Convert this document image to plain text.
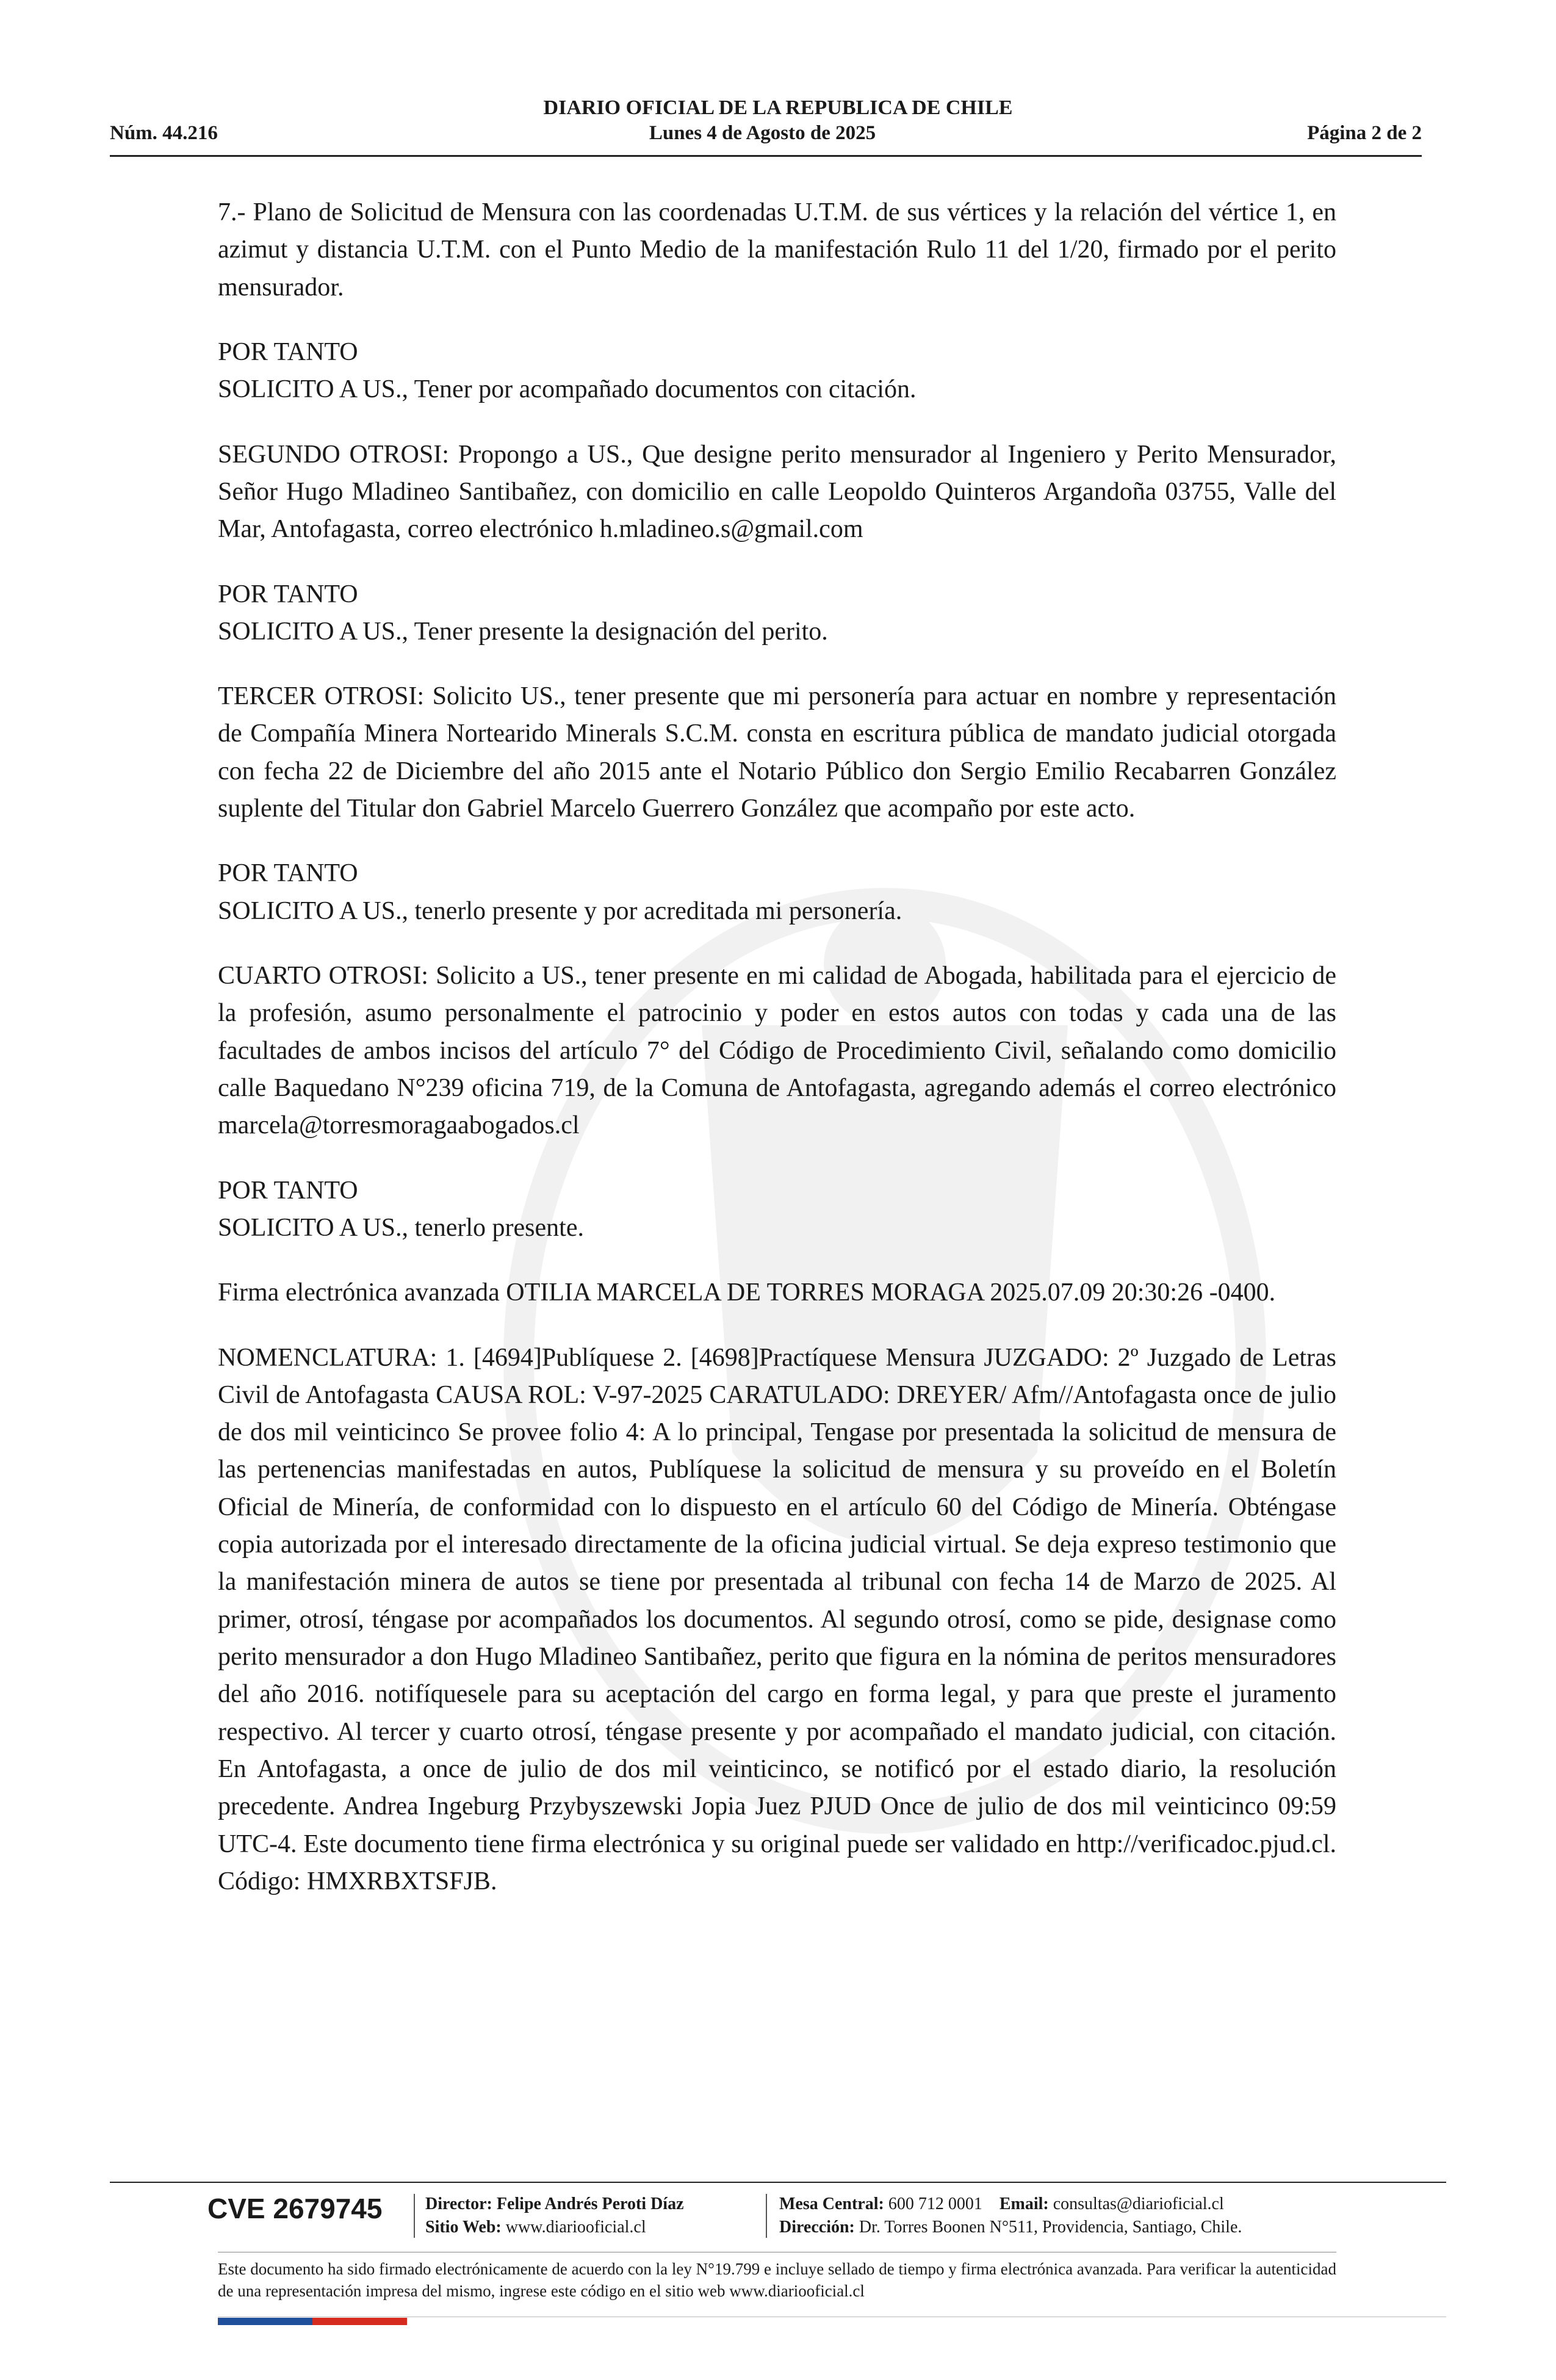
DIARIO OFICIAL DE LA REPUBLICA DE CHILE
Núm. 44.216	Lunes 4 de Agosto de 2025	Página 2 de 2

7.- Plano de Solicitud de Mensura con las coordenadas U.T.M. de sus vértices y la relación del vértice 1, en azimut y distancia U.T.M. con el Punto Medio de la manifestación Rulo 11 del 1/20, firmado por el perito mensurador.

POR TANTO

SOLICITO A US., Tener por acompañado documentos con citación.

SEGUNDO OTROSI: Propongo a US., Que designe perito mensurador al Ingeniero y Perito Mensurador, Señor Hugo Mladineo Santibañez, con domicilio en calle Leopoldo Quinteros Argandoña 03755, Valle del Mar, Antofagasta, correo electrónico h.mladineo.s@gmail.com

POR TANTO

SOLICITO A US., Tener presente la designación del perito.

TERCER OTROSI: Solicito US., tener presente que mi personería para actuar en nombre y representación de Compañía Minera Nortearido Minerals S.C.M. consta en escritura pública de mandato judicial otorgada con fecha 22 de Diciembre del año 2015 ante el Notario Público don Sergio Emilio Recabarren González suplente del Titular don Gabriel Marcelo Guerrero González que acompaño por este acto.

POR TANTO

SOLICITO A US., tenerlo presente y por acreditada mi personería.

CUARTO OTROSI: Solicito a US., tener presente en mi calidad de Abogada, habilitada para el ejercicio de la profesión, asumo personalmente el patrocinio y poder en estos autos con todas y cada una de las facultades de ambos incisos del artículo 7° del Código de Procedimiento Civil, señalando como domicilio calle Baquedano N°239 oficina 719, de la Comuna de Antofagasta, agregando además el correo electrónico marcela@torresmoragaabogados.cl

POR TANTO

SOLICITO A US., tenerlo presente.

Firma electrónica avanzada OTILIA MARCELA DE TORRES MORAGA 2025.07.09 20:30:26 -0400.

NOMENCLATURA: 1. [4694]Publíquese 2. [4698]Practíquese Mensura JUZGADO: 2º Juzgado de Letras Civil de Antofagasta CAUSA ROL: V-97-2025 CARATULADO: DREYER/ Afm//Antofagasta once de julio de dos mil veinticinco Se provee folio 4: A lo principal, Tengase por presentada la solicitud de mensura de las pertenencias manifestadas en autos, Publíquese la solicitud de mensura y su proveído en el Boletín Oficial de Minería, de conformidad con lo dispuesto en el artículo 60 del Código de Minería. Obténgase copia autorizada por el interesado directamente de la oficina judicial virtual. Se deja expreso testimonio que la manifestación minera de autos se tiene por presentada al tribunal con fecha 14 de Marzo de 2025. Al primer, otrosí, téngase por acompañados los documentos. Al segundo otrosí, como se pide, designase como perito mensurador a don Hugo Mladineo Santibañez, perito que figura en la nómina de peritos mensuradores del año 2016. notifíquesele para su aceptación del cargo en forma legal, y para que preste el juramento respectivo. Al tercer y cuarto otrosí, téngase presente y por acompañado el mandato judicial, con citación. En Antofagasta, a once de julio de dos mil veinticinco, se notificó por el estado diario, la resolución precedente. Andrea Ingeburg Przybyszewski Jopia Juez PJUD Once de julio de dos mil veinticinco 09:59 UTC-4. Este documento tiene firma electrónica y su original puede ser validado en http://verificadoc.pjud.cl. Código: HMXRBXTSFJB.

CVE 2679745	Director: Felipe Andrés Peroti Díaz
Sitio Web: www.diariooficial.cl
Mesa Central: 600 712 0001 Email: consultas@diarioficial.cl
Dirección: Dr. Torres Boonen N°511, Providencia, Santiago, Chile.
Este documento ha sido firmado electrónicamente de acuerdo con la ley N°19.799 e incluye sellado de tiempo y firma electrónica avanzada. Para verificar la autenticidad de una representación impresa del mismo, ingrese este código en el sitio web www.diariooficial.cl
